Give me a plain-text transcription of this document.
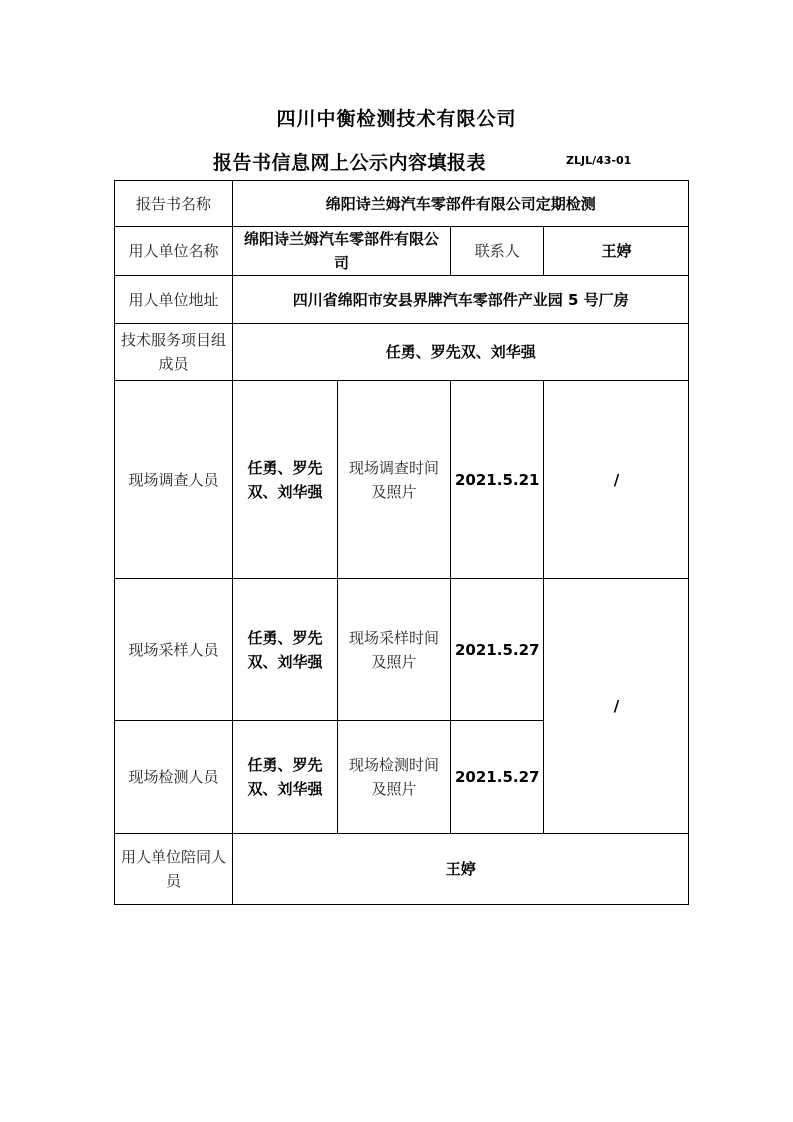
四川中衡检测技术有限公司
报告书信息网上公示内容填报表	ZLJL/43-01
报告书名称	绵阳诗兰姆汽车零部件有限公司定期检测			
用人单位名称	绵阳诗兰姆汽车零部件有限公司		联系人	王婷
用人单位地址	四川省绵阳市安县界牌汽车零部件产业园 5 号厂房			
技术服务项目组成员	任勇、罗先双、刘华强			
现场调查人员	任勇、罗先双、刘华强	现场调查时间及照片	2021.5.21	/
现场采样人员	任勇、罗先双、刘华强	现场采样时间及照片	2021.5.27	/
现场检测人员	任勇、罗先双、刘华强	现场检测时间及照片	2021.5.27	
用人单位陪同人员	王婷			
